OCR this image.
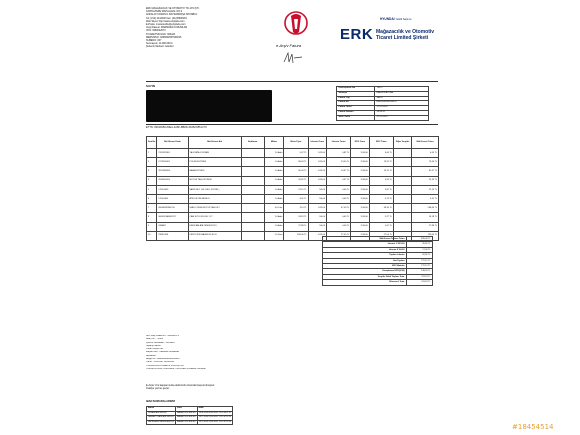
ERK MAĞAZACILIK VE OTOMOTİV TİC.LTD.ŞTİ.
KARTALTEPE MAHALLESİ. NO:2
ANKALAT KORANI 1 BAYRAMPAŞA İSTANBUL
Tel: (212) 4144400 Fax: (212)5608181
Web Sitesi: http://www.erkplaza.com
E-Posta: musteriedhe@erkplaza.com
Vergi Dairesi: MARMARA KURUMLAR
VKN: 3660022673
TİCARETSİCİLNO: 306424
MERSİSNO: 0366002567600015
SUBENO: 007
Sermayesi: 12.000.000 ₺
Şubenin Merkezi: İstanbul	e-Arşiv Fatura
HYUNDAI Yetkili Satıcısı
ERK Mağazacılık ve Otomotiv
Ticaret Limited Şirketi
SAYIN
ETTN: 09b39359-60EA-4A8F-BB0D-36452C851C79
Özelleştirme No	TR1.2
Senaryo	EARSIVFATURA
Fatura Tipi	SATIS
Fatura No	ER02020000034576
Fatura Tarihi	11-11-2020
Fatura Zamanı	16:59:31
Sevk Tarihi	11-11-2020
Sıra No	Mal Hizmet Kodu	Mal Hizmet Adı	Açıklama	Miktar	Birim Fiyat	İskonto Oranı	İskonto Tutarı	KDV Oranı	KDV Tutarı	Diğer Vergiler	Mal Hizmet Tutarı
1	2151322801	YAG TAPA CONTASI		1,0 Adet	5,47 TL	%15,00	0,82 TL	%18,00	0,84 TL		4,65 TL
2	9713502001	POLEN FILTRESI		1,0 Adet	86,64 TL	%15,00	13,00 TL	%18,00	13,25 TL		73,64 TL
3	2811303R00	HAVA FILTRESI		1,0 Adet	96,44 TL	%15,00	14,47 TL	%18,00	14,75 TL		81,97 TL
4	2630002503	MOTOR YAG FILTRESI		1,0 Adet	29,82 TL	%15,00	4,47 TL	%18,00	4,56 TL		25,35 TL
5	1799-0003	SARF MLZ. ( EL DELI, FILTRE )		1,0 Adet	21,19 TL	%0,00	0,00 TL	%18,00	3,81 TL		21,19 TL
6	1799-0001	ATIK FILTRE BEDELI		1,0 Adet	4,41 TL	%0,00	0,00 TL	%18,00	0,79 TL		4,41 TL
7	00004SW3WCGL	SHELL 5W30 MOTOR YAGI 4LT		4,0 Litre	79,0 TL	%15,00	47,40 TL	%18,00	48,34 TL		268,60 TL
8	000SUCAMSUYUT	CAM SUYU KULUK 1 LT		1,0 Adet	18,18 TL	%0,00	0,00 TL	%18,00	3,27 TL		18,18 TL
9	VN8A57	FREN BALATA TEMIZLEYICI		1,0 Adet	27,88 TL	%0,00	0,00 TL	%18,00	5,02 TL		27,88 TL
10	PERIODIK	PERIYODIK BAKIM ISCILIGI		1,0 Saat	180,00 TL	%15,00	27,00 TL	%18,00	27,54 TL		153,00 TL
Mal Hizmet Toplam Tutarı	835,00 TL
İskonto 1 %15,00	45,81 TL
İskonto 2 %0,00	17,00 TL
Toplam İskonto	62,81 TL
Ara Toplam	772,19 TL
KDV Matrahı	772,19 TL
Hesaplanan KDV(%18)	138,99 TL
Vergiler Dahil Toplam Tutar	911,18 TL
Ödenecek Tutar	911,18 TL
Not: Araç Plaka No : 34CMN371
Araç Km : 71825
İş Emri Numarası : 3124995
Siparişi Sahibi :
Yazan Grupu No :
Müşteri Adı : CEMİLE ÖZDEMİR
Açıklama :
Belge No : EA000000000034526
Yalnız : DOKUZYÜZONBİR
TÜRKLİRASI ONSEKİZ KURUŞTUR
YALNIZ DOKUZYÜZONBİR Türk Lirası ONSEKİZ Kuruştur
E-Arşiv izni kapsamında elektronik ortamda başvurulmuştur.
İrsaliye yerine geçer.
IBAN NUMARALARIMIZ
Banka	Şube	IBAN
İŞ BANKASI BELEDİ	BAHARİ 300 ERLER	TR36 0006 4000 0011 1210 4951 92
GARANTİ BANKASI BELEDİ	BAHARİ 300 ERLER	TR21 0006 2000 0011 1210 6726 50
VAKIFBANK BANKA BELEDİ	BAHARİ 300 ERLER	TR76 0001 5000 0011 1210 6728 04
#18454514
